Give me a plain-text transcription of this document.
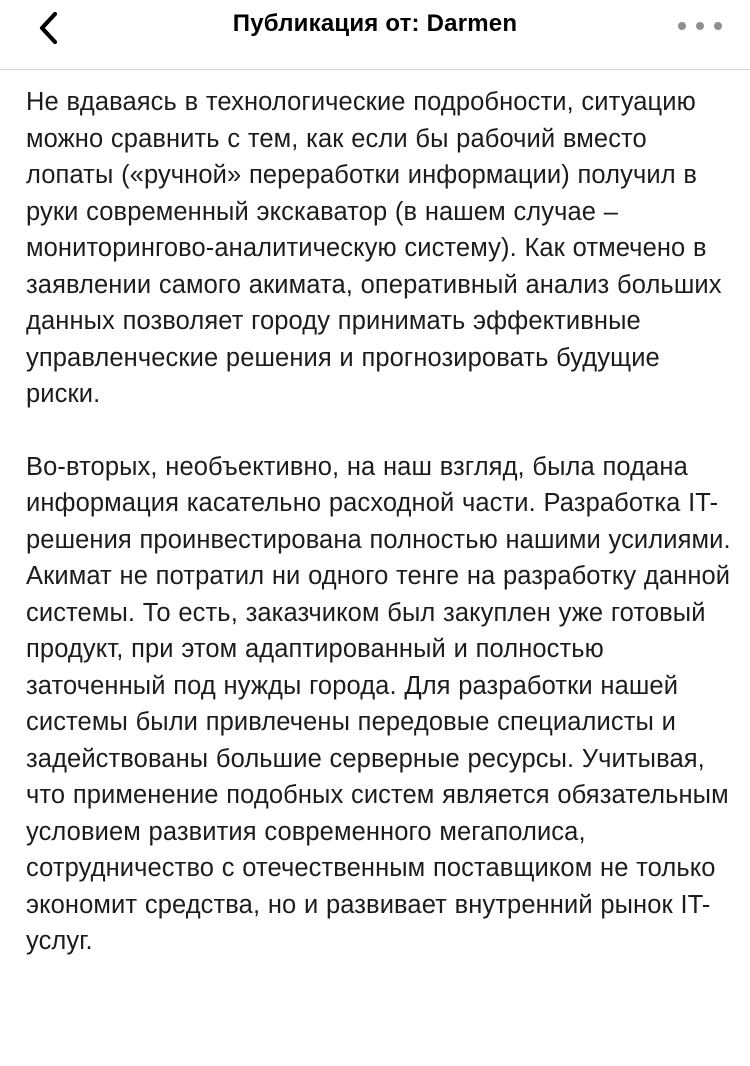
Публикация от: Darmen

Не вдаваясь в технологические подробности, ситуацию можно сравнить с тем, как если бы рабочий вместо лопаты («ручной» переработки информации) получил в руки современный экскаватор (в нашем случае – мониторингово-аналитическую систему). Как отмечено в заявлении самого акимата, оперативный анализ больших данных позволяет городу принимать эффективные управленческие решения и прогнозировать будущие риски.

Во-вторых, необъективно, на наш взгляд, была подана информация касательно расходной части. Разработка IT-решения проинвестирована полностью нашими усилиями. Акимат не потратил ни одного тенге на разработку данной системы. То есть, заказчиком был закуплен уже готовый продукт, при этом адаптированный и полностью заточенный под нужды города. Для разработки нашей системы были привлечены передовые специалисты и задействованы большие серверные ресурсы. Учитывая, что применение подобных систем является обязательным условием развития современного мегаполиса, сотрудничество с отечественным поставщиком не только экономит средства, но и развивает внутренний рынок IT-услуг.
